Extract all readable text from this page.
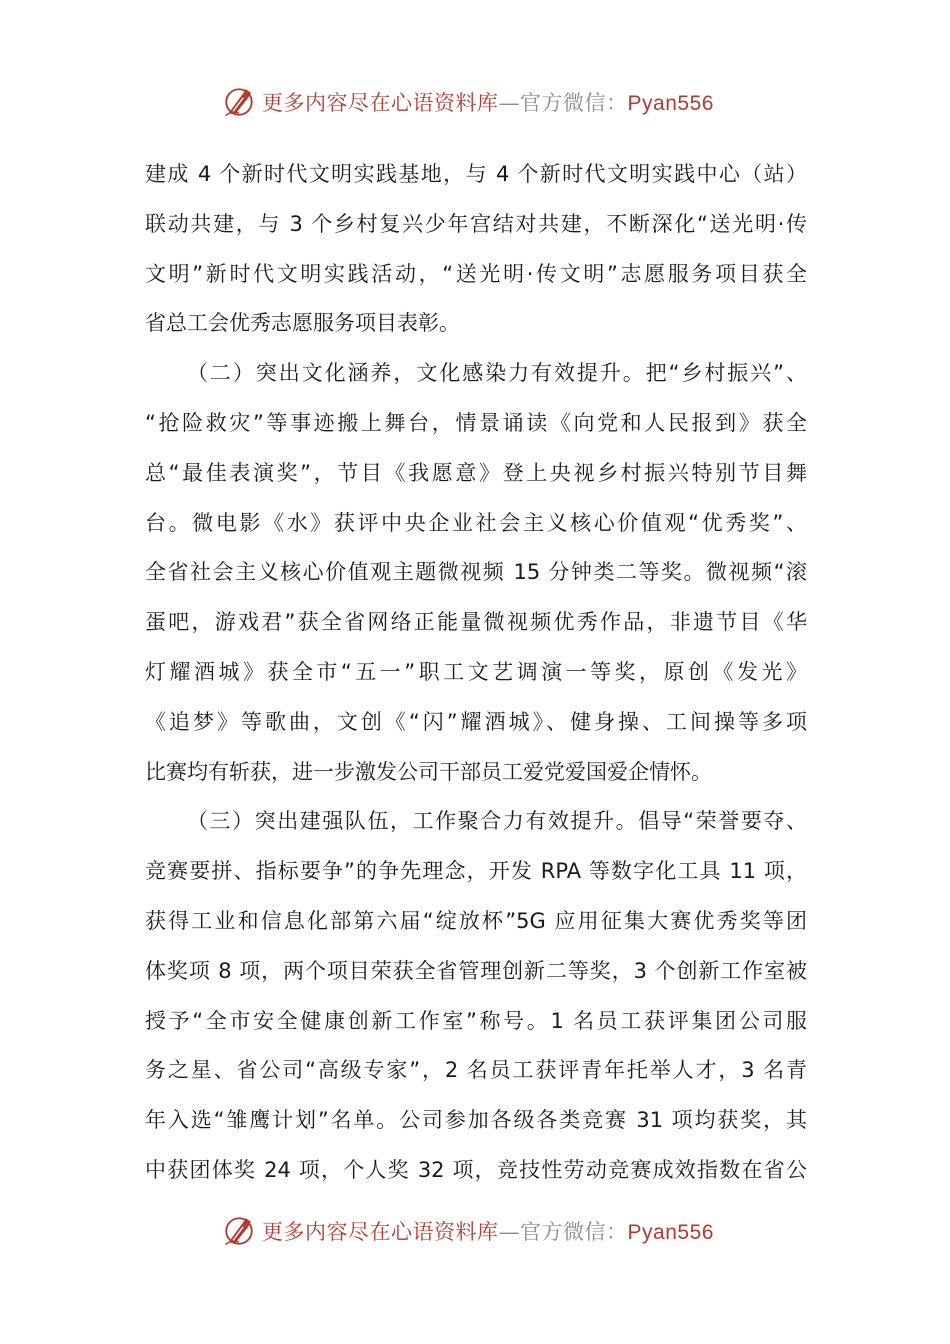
更多内容尽在心语资料库—官方微信：Pyan556
建成 4 个新时代文明实践基地，与 4 个新时代文明实践中心（站）
联动共建，与 3 个乡村复兴少年宫结对共建，不断深化“送光明·传
文明”新时代文明实践活动，“送光明·传文明”志愿服务项目获全
省总工会优秀志愿服务项目表彰。
（二）突出文化涵养，文化感染力有效提升。把“乡村振兴”、
“抢险救灾”等事迹搬上舞台，情景诵读《向党和人民报到》获全
总“最佳表演奖”，节目《我愿意》登上央视乡村振兴特别节目舞
台。微电影《水》获评中央企业社会主义核心价值观“优秀奖”、
全省社会主义核心价值观主题微视频 15 分钟类二等奖。微视频“滚
蛋吧，游戏君”获全省网络正能量微视频优秀作品，非遗节目《华
灯耀酒城》获全市“五一”职工文艺调演一等奖，原创《发光》
《追梦》等歌曲，文创《“闪”耀酒城》、健身操、工间操等多项
比赛均有斩获，进一步激发公司干部员工爱党爱国爱企情怀。
（三）突出建强队伍，工作聚合力有效提升。倡导“荣誉要夺、
竞赛要拼、指标要争”的争先理念，开发 RPA 等数字化工具 11 项，
获得工业和信息化部第六届“绽放杯”5G 应用征集大赛优秀奖等团
体奖项 8 项，两个项目荣获全省管理创新二等奖，3 个创新工作室被
授予“全市安全健康创新工作室”称号。1 名员工获评集团公司服
务之星、省公司“高级专家”，2 名员工获评青年托举人才，3 名青
年入选“雏鹰计划”名单。公司参加各级各类竞赛 31 项均获奖，其
中获团体奖 24 项，个人奖 32 项，竞技性劳动竞赛成效指数在省公
更多内容尽在心语资料库—官方微信：Pyan556
